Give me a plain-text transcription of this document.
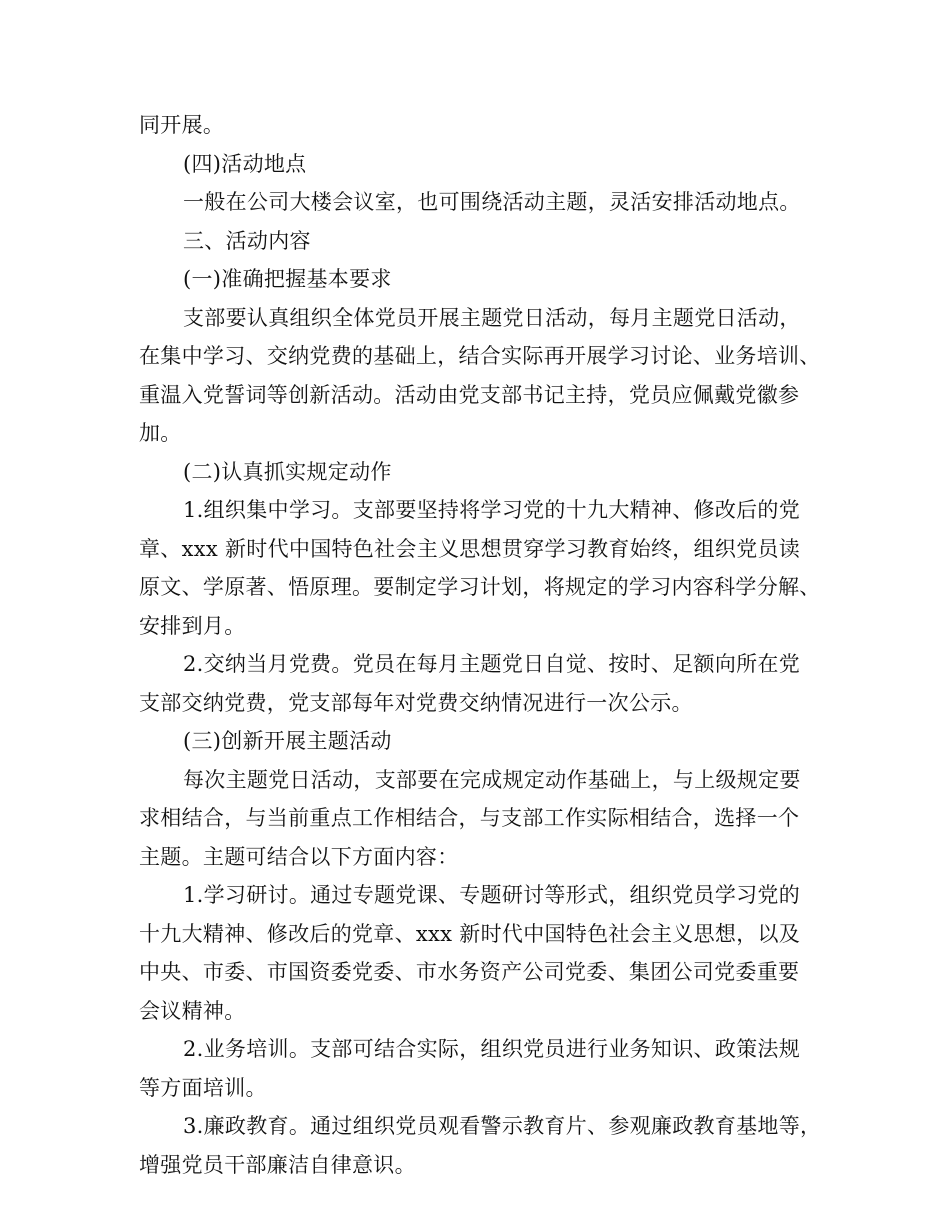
同开展。
(四)活动地点
一般在公司大楼会议室，也可围绕活动主题，灵活安排活动地点。
三、活动内容
(一)准确把握基本要求
支部要认真组织全体党员开展主题党日活动，每月主题党日活动，
在集中学习、交纳党费的基础上，结合实际再开展学习讨论、业务培训、
重温入党誓词等创新活动。活动由党支部书记主持，党员应佩戴党徽参
加。
(二)认真抓实规定动作
1.组织集中学习。支部要坚持将学习党的十九大精神、修改后的党
章、xxx 新时代中国特色社会主义思想贯穿学习教育始终，组织党员读
原文、学原著、悟原理。要制定学习计划，将规定的学习内容科学分解、
安排到月。
2.交纳当月党费。党员在每月主题党日自觉、按时、足额向所在党
支部交纳党费，党支部每年对党费交纳情况进行一次公示。
(三)创新开展主题活动
每次主题党日活动，支部要在完成规定动作基础上，与上级规定要
求相结合，与当前重点工作相结合，与支部工作实际相结合，选择一个
主题。主题可结合以下方面内容：
1.学习研讨。通过专题党课、专题研讨等形式，组织党员学习党的
十九大精神、修改后的党章、xxx 新时代中国特色社会主义思想，以及
中央、市委、市国资委党委、市水务资产公司党委、集团公司党委重要
会议精神。
2.业务培训。支部可结合实际，组织党员进行业务知识、政策法规
等方面培训。
3.廉政教育。通过组织党员观看警示教育片、参观廉政教育基地等，
增强党员干部廉洁自律意识。
